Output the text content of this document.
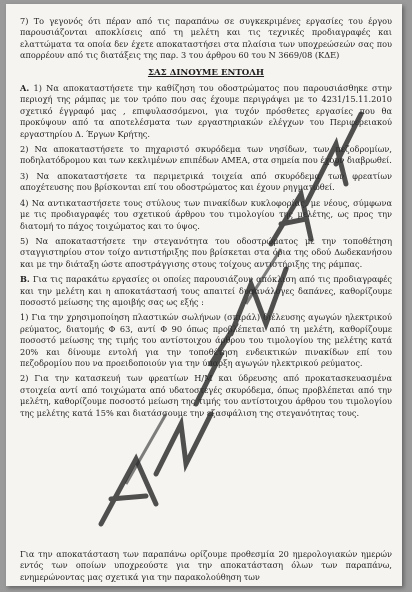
7) Το γεγονός ότι πέραν από τις παραπάνω σε συγκεκριμένες εργασίες του έργου παρουσιάζονται αποκλίσεις από τη μελέτη και τις τεχνικές προδιαγραφές και ελαττώματα τα οποία δεν έχετε αποκαταστήσει στα πλαίσια των υποχρεώσεών σας που απορρέουν από τις διατάξεις της παρ. 3 του άρθρου 60 του Ν 3669/08 (ΚΔΕ)

ΣΑΣ ΔΙΝΟΥΜΕ ΕΝΤΟΛΗ

Α. 1) Να αποκαταστήσετε την καθίζηση του οδοστρώματος που παρουσιάσθηκε στην περιοχή της ράμπας με τον τρόπο που σας έχουμε περιγράψει με το 4231/15.11.2010 σχετικό έγγραφό μας , επιφυλασσόμενοι, για τυχόν πρόσθετες εργασίες που θα προκύψουν από τα αποτελέσματα των εργαστηριακών ελέγχων του Περιφερειακού εργαστηρίου Δ. Έργων Κρήτης.

2) Να αποκαταστήσετε το πηχαριστό σκυρόδεμα των νησίδων, των πεζοδρομίων, ποδηλατόδρομου και των κεκλιμένων επιπέδων ΑΜΕΑ, στα σημεία που έχουν διαβρωθεί.

3) Να αποκαταστήσετε τα περιμετρικά τοιχεία από σκυρόδεμα των φρεατίων αποχέτευσης που βρίσκονται επί του οδοστρώματος και έχουν ρηγματωθεί.

4) Να αντικαταστήσετε τους στύλους των πινακίδων κυκλοφορίας, με νέους, σύμφωνα με τις προδιαγραφές του σχετικού άρθρου του τιμολογίου της μελέτης, ως προς την διατομή το πάχος τοιχώματος και το ύψος.

5) Να αποκαταστήσετε την στεγανότητα του οδοστρώματος με την τοποθέτηση σταγγιστηρίου στον τοίχο αντιστήριξης που βρίσκεται στα όρια της οδού Δωδεκανήσου και με την διάταξη ώστε αποστράγγισης στους τοίχους αντιστήριξης της ράμπας.

Β. Για τις παρακάτω εργασίες οι οποίες παρουσιάζουν απόκλιση από τις προδιαγραφές και την μελέτη και η αποκατάστασή τους απαιτεί δυσανάλογες δαπάνες, καθορίζουμε ποσοστό μείωσης της αμοιβής σας ως εξής :

1) Για την χρησιμοποίηση πλαστικών σωλήνων (σπιράλ) διέλευσης αγωγών ηλεκτρικού ρεύματος, διατομής Φ 63, αντί Φ 90 όπως προβλέπεται από τη μελέτη, καθορίζουμε ποσοστό μείωσης της τιμής του αντίστοιχου άρθρου του τιμολογίου της μελέτης κατά 20% και δίνουμε εντολή για την τοποθέτηση ενδεικτικών πινακίδων επί του πεζοδρομίου που να προειδοποιούν για την ύπαρξη αγωγών ηλεκτρικού ρεύματος.

2) Για την κατασκευή των φρεατίων Η/Μ και ύδρευσης από προκατασκευασμένα στοιχεία αντί από τοιχώματα από υδατοστεγές σκυρόδεμα, όπως προβλέπεται από την μελέτη, καθορίζουμε ποσοστό μείωση της τιμής του αντίστοιχου άρθρου του τιμολογίου της μελέτης κατά 15% και διατάσσουμε την εξασφάλιση της στεγανότητας τους.

Για την αποκατάσταση των παραπάνω ορίζουμε προθεσμία 20 ημερολογιακών ημερών εντός των οποίων υποχρεούστε για την αποκατάσταση όλων των παραπάνω, ενημερώνοντας μας σχετικά για την παρακολούθηση των
